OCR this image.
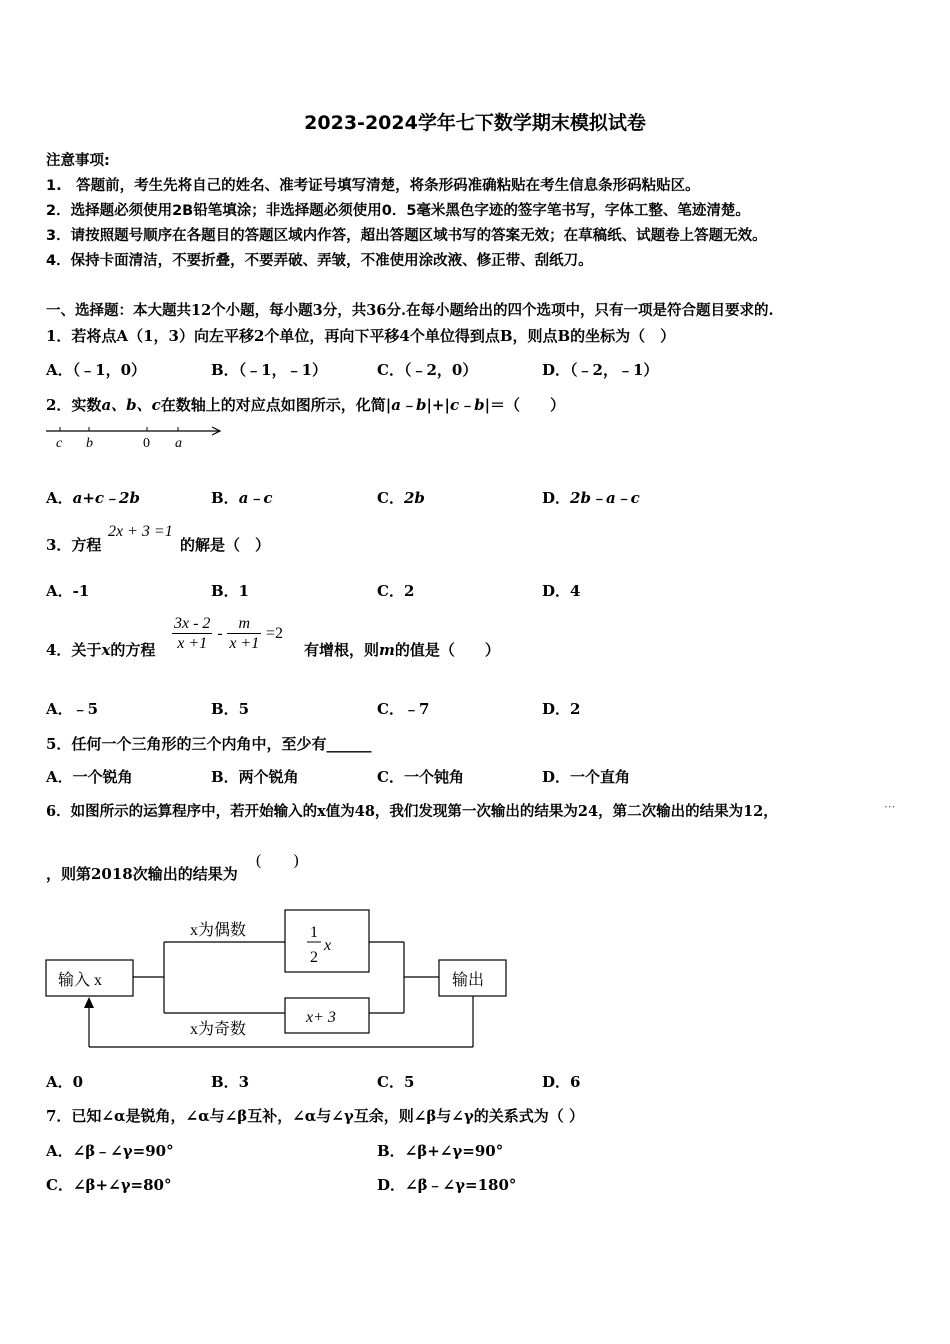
2023-2024学年七下数学期末模拟试卷
注意事项:
1.　答题前，考生先将自己的姓名、准考证号填写清楚，将条形码准确粘贴在考生信息条形码粘贴区。
2．选择题必须使用2B铅笔填涂；非选择题必须使用0．5毫米黑色字迹的签字笔书写，字体工整、笔迹清楚。
3．请按照题号顺序在各题目的答题区域内作答，超出答题区域书写的答案无效；在草稿纸、试题卷上答题无效。
4．保持卡面清洁，不要折叠，不要弄破、弄皱，不准使用涂改液、修正带、刮纸刀。
一、选择题：本大题共12个小题，每小题3分，共36分.在每小题给出的四个选项中，只有一项是符合题目要求的.
1．若将点A（1，3）向左平移2个单位，再向下平移4个单位得到点B，则点B的坐标为（　）
A．（﹣1，0）	B．（﹣1，﹣1）	C．（﹣2，0）	D．（﹣2，﹣1）
2．实数a、b、c在数轴上的对应点如图所示，化简|a﹣b|+|c﹣b|＝（　　）
c b	0 a
A．a+c﹣2b	B．a﹣c	C．2b	D．2b﹣a﹣c
3．方程
2x + 3 =1
的解是（　）
A．-1	B．1	C．2	D．4
4．关于x的方程 $\frac{3x - 2}{x +1} - \frac{m}{x +1} =2$
有增根，则m的值是（　　）
A．﹣5	B．5	C．﹣7	D．2
5．任何一个三角形的三个内角中，至少有______
A．一个锐角	B．两个锐角	C．一个钝角	D．一个直角
6．如图所示的运算程序中，若开始输入的x值为48，我们发现第一次输出的结果为24，第二次输出的结果为12，	···
，则第2018次输出的结果为
(　　)
输入 x
x为偶数
x为奇数
1
2
x
x+ 3
输出
A．0	B．3	C．5	D．6
7．已知∠α是锐角，∠α与∠β互补，∠α与∠γ互余，则∠β与∠γ的关系式为（ ）
A．∠β﹣∠γ=90°	B．∠β+∠γ=90°
C．∠β+∠γ=80°	D．∠β﹣∠γ=180°
